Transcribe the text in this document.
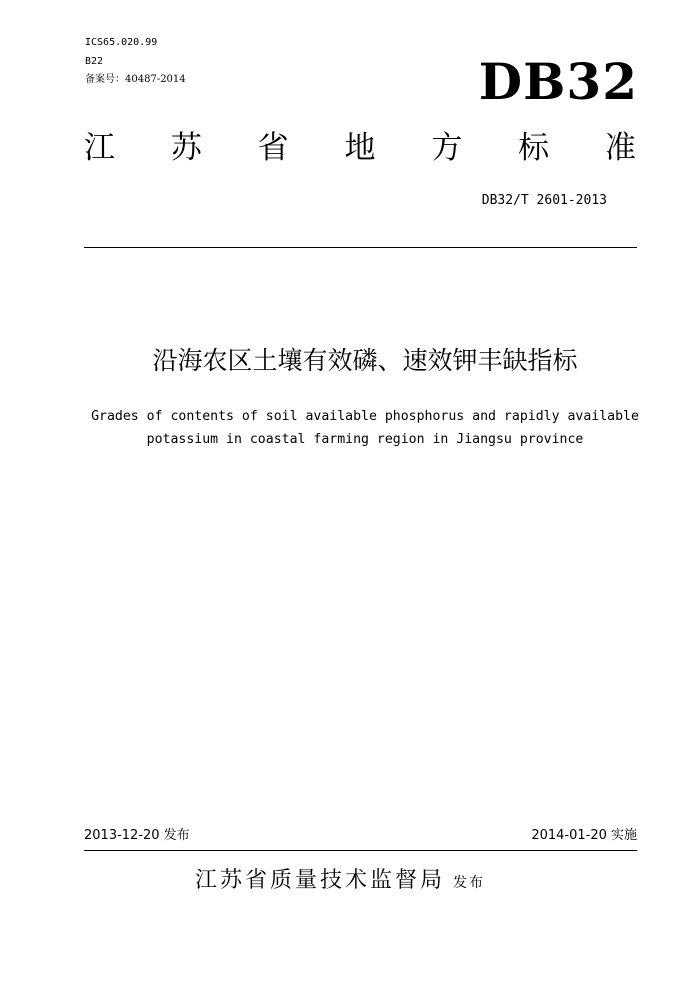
ICS65.020.99
B22
备案号：40487-2014	DB32
江 苏 省 地 方 标 准
DB32/T 2601-2013
沿海农区土壤有效磷、速效钾丰缺指标
Grades of contents of soil available phosphorus and rapidly available
potassium in coastal farming region in Jiangsu province
2013-12-20 发布	2014-01-20 实施
江苏省质量技术监督局 发布
